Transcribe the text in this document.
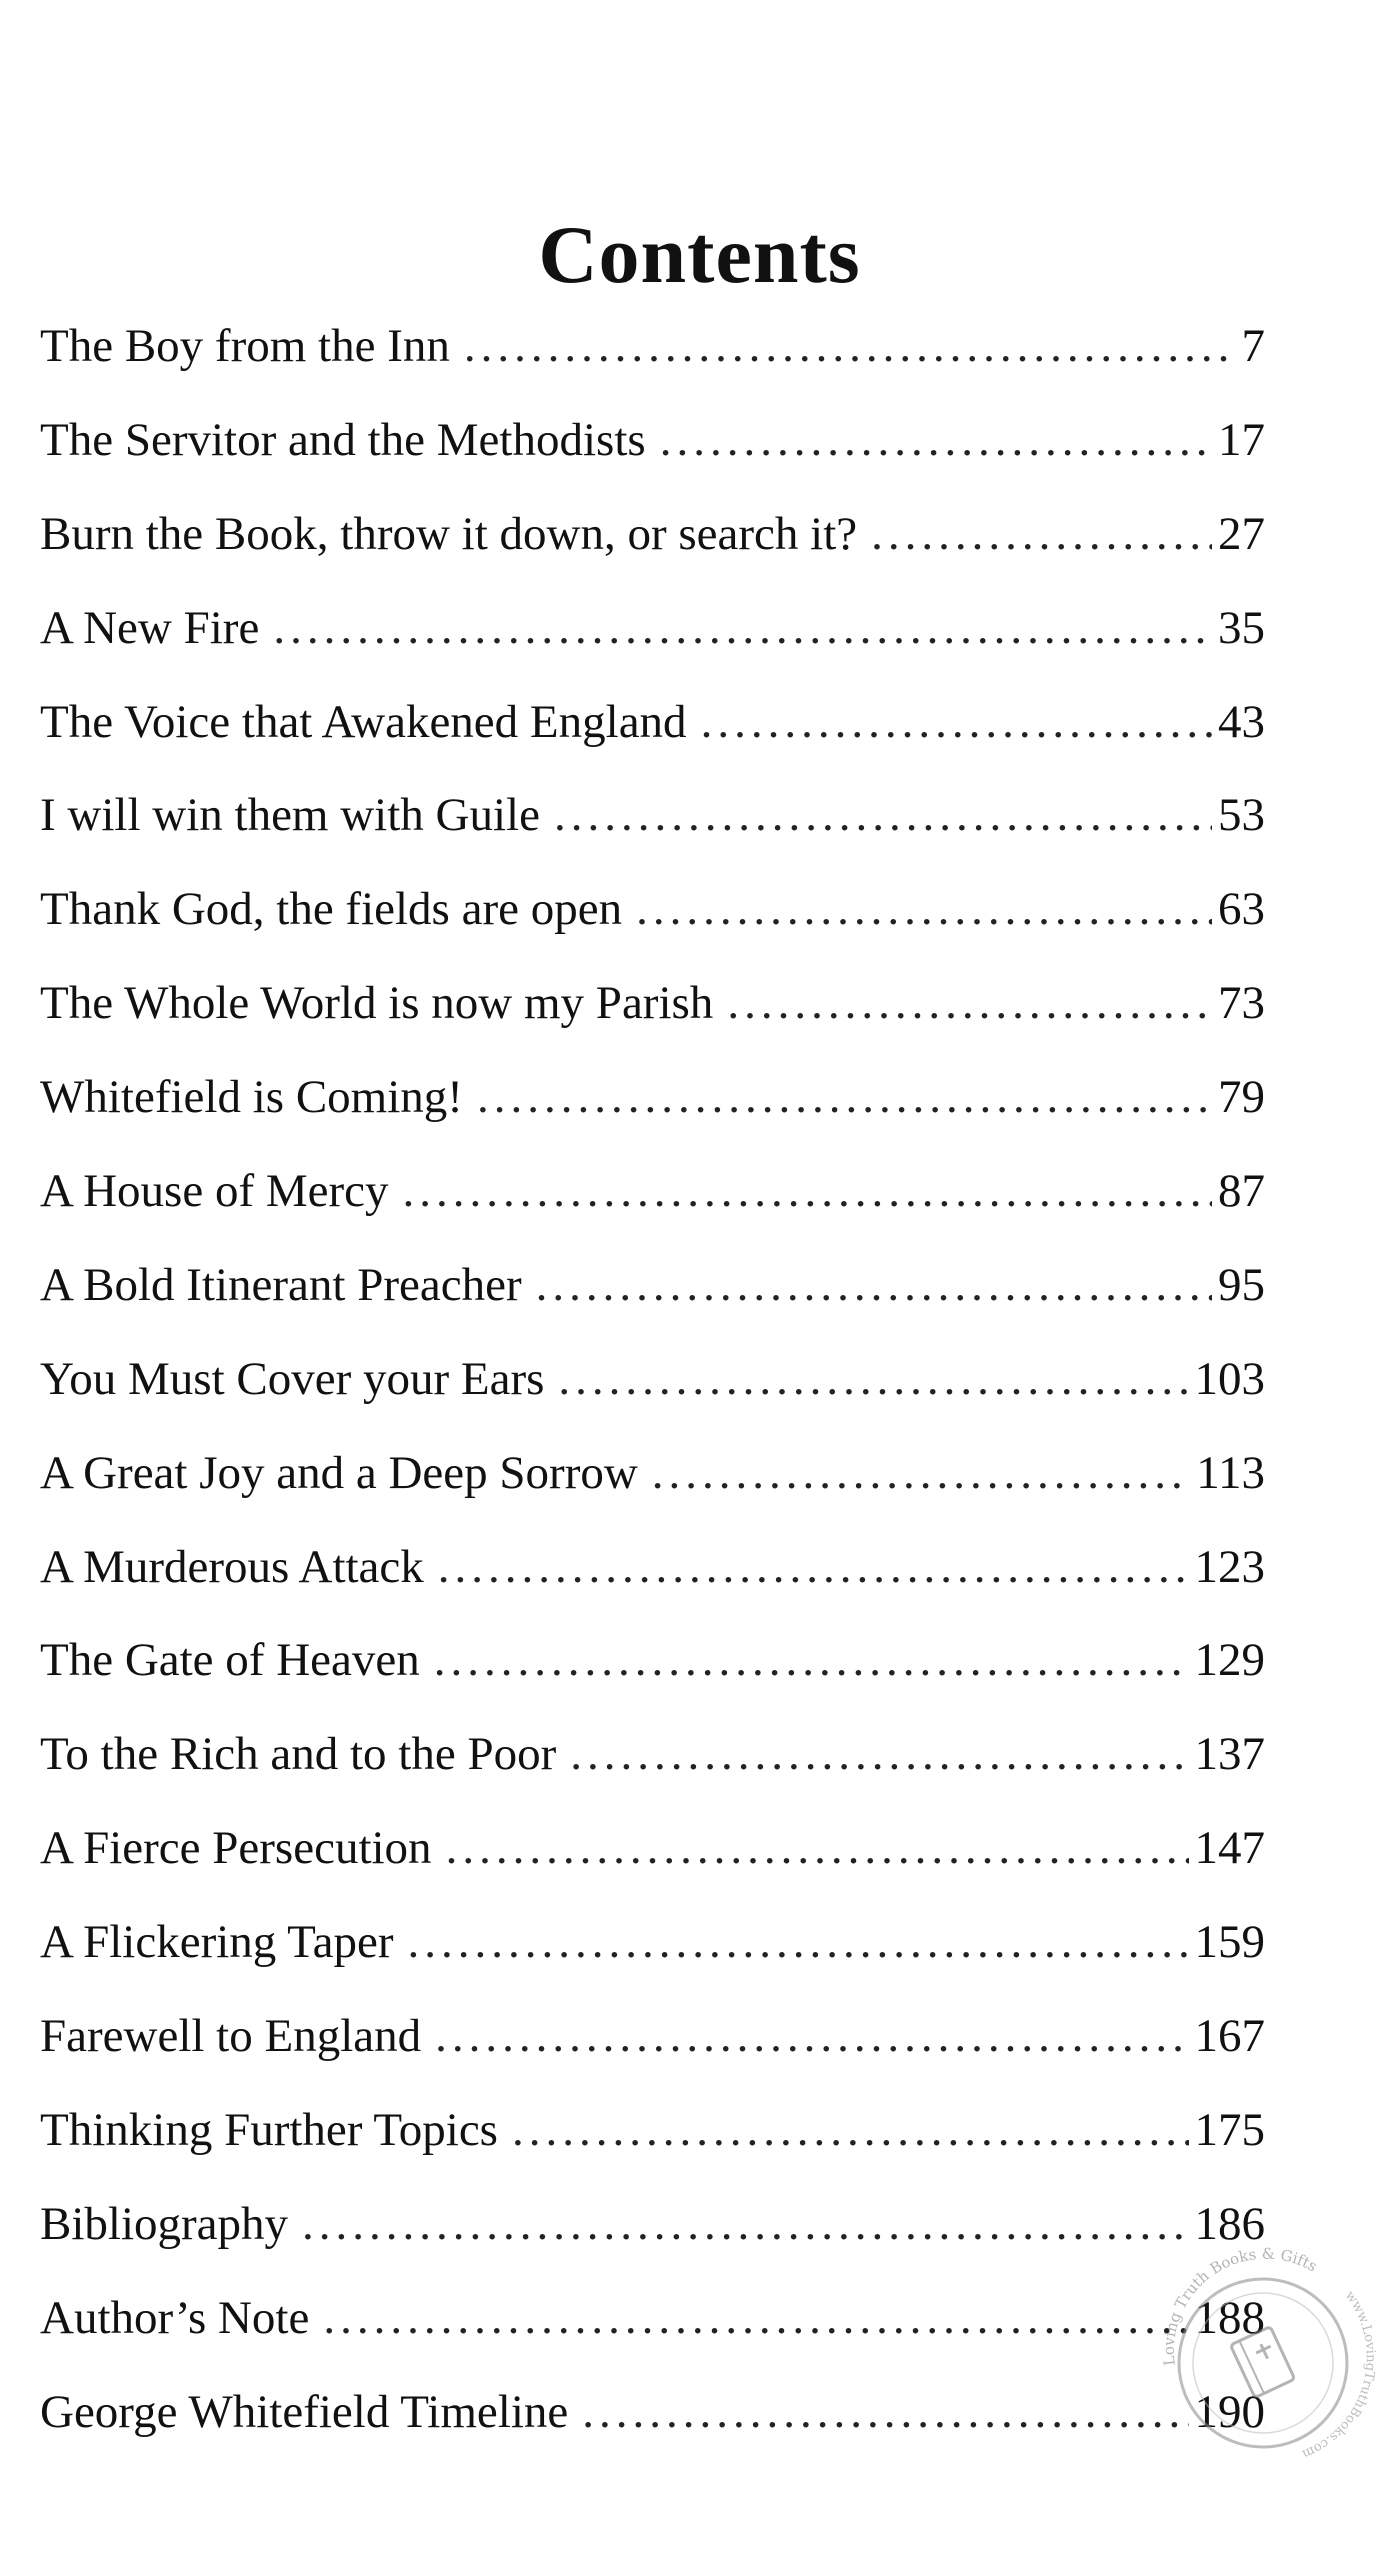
Contents
The Boy from the Inn .....	7
The Servitor and the Methodists .....	17
Burn the Book, throw it down, or search it? .....	27
A New Fire .....	35
The Voice that Awakened England .....	43
I will win them with Guile .....	53
Thank God, the fields are open .....	63
The Whole World is now my Parish .....	73
Whitefield is Coming! .....	79
A House of Mercy .....	87
A Bold Itinerant Preacher .....	95
You Must Cover your Ears .....	103
A Great Joy and a Deep Sorrow .....	113
A Murderous Attack .....	123
The Gate of Heaven .....	129
To the Rich and to the Poor .....	137
A Fierce Persecution .....	147
A Flickering Taper .....	159
Farewell to England .....	167
Thinking Further Topics .....	175
Bibliography .....	186
Author’s Note .....	188
George Whitefield Timeline .....	190
Loving Truth Books & Gifts
www.LovingTruthBooks.com
